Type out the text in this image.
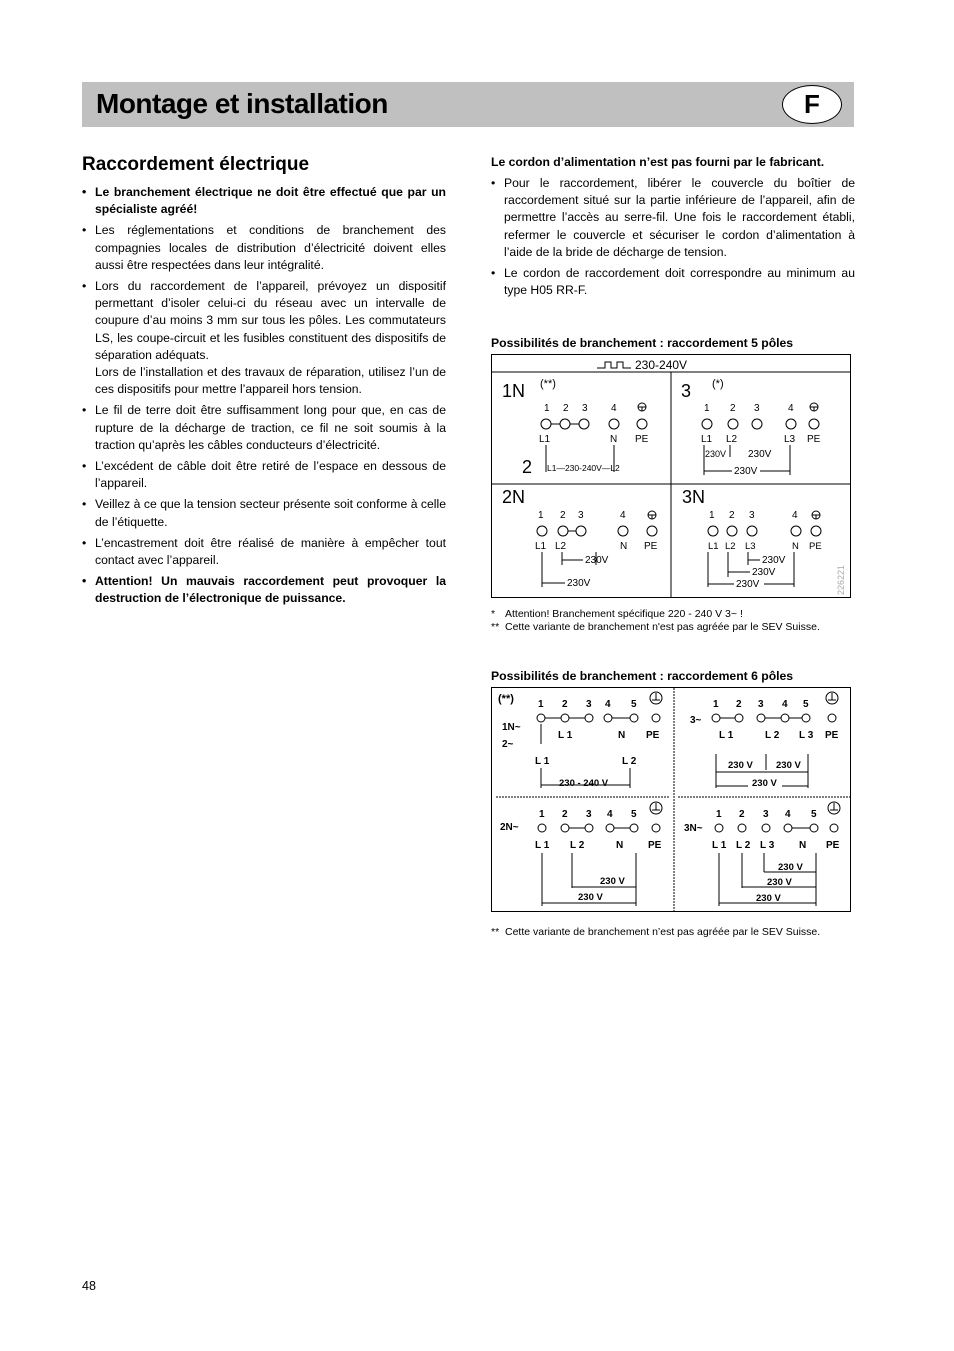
Montage et installation	F
Raccordement électrique
• Le branchement électrique ne doit être effectué que par un spécialiste agréé!
• Les réglementations et conditions de branchement des compagnies locales de distribution d’électricité doivent elles aussi être respectées dans leur intégralité.
• Lors du raccordement de l’appareil, prévoyez un dispositif permettant d’isoler celui-ci du réseau avec un intervalle de coupure d’au moins 3 mm sur tous les pôles. Les commutateurs LS, les coupe-circuit et les fusibles constituent des dispositifs de séparation adéquats.
Lors de l’installation et des travaux de réparation, utilisez l’un de ces dispositifs pour mettre l’appareil hors tension.
• Le fil de terre doit être suffisamment long pour que, en cas de rupture de la décharge de traction, ce fil ne soit soumis à la traction qu’après les câbles conducteurs d’électricité.
• L’excédent de câble doit être retiré de l’espace en dessous de l’appareil.
• Veillez à ce que la tension secteur présente soit conforme à celle de l’étiquette.
• L’encastrement doit être réalisé de manière à empêcher tout contact avec l’appareil.
• Attention! Un mauvais raccordement peut provoquer la destruction de l’électronique de puissance.
Le cordon d’alimentation n’est pas fourni par le fabricant.
• Pour le raccordement, libérer le couvercle du boîtier de raccordement situé sur la partie inférieure de l’appareil, afin de permettre l’accès au serre-fil. Une fois le raccordement établi, refermer le couvercle et sécuriser le cordon d’alimentation à l’aide de la bride de décharge de tension.
• Le cordon de raccordement doit correspondre au minimum au type H05 RR-F.
Possibilités de branchement : raccordement 5 pôles
230-240V
1N (**)
1 2 3 4
L1	N PE
2 L1—230-240V—L2
3 (*)
1 2 3	4
L1 L2	L3 PE
230V 230V
230V
2N
1 2 3	4
L1 L2	N PE
230V
230V
3N
1 2 3	4
L1 L2 L3	N PE
230V
230V
230V	226221
* Attention! Branchement spécifique 220 - 240 V 3~ !
** Cette variante de branchement n'est pas agréée par le SEV Suisse.
Possibilités de branchement : raccordement 6 pôles
(**)
1N~
2~
1 2 3 4 5
L 1	N PE
L 1	L 2
230 - 240 V
3~
1 2 3 4 5
L 1	L 2 L 3 PE
230 V 230 V
230 V
2N~
1 2 3 4 5
L 1 L 2	N PE
230 V
230 V
3N~
1 2 3 4 5
L 1 L 2 L 3 N PE
230 V
230 V
230 V
** Cette variante de branchement n’est pas agréée par le SEV Suisse.
48
